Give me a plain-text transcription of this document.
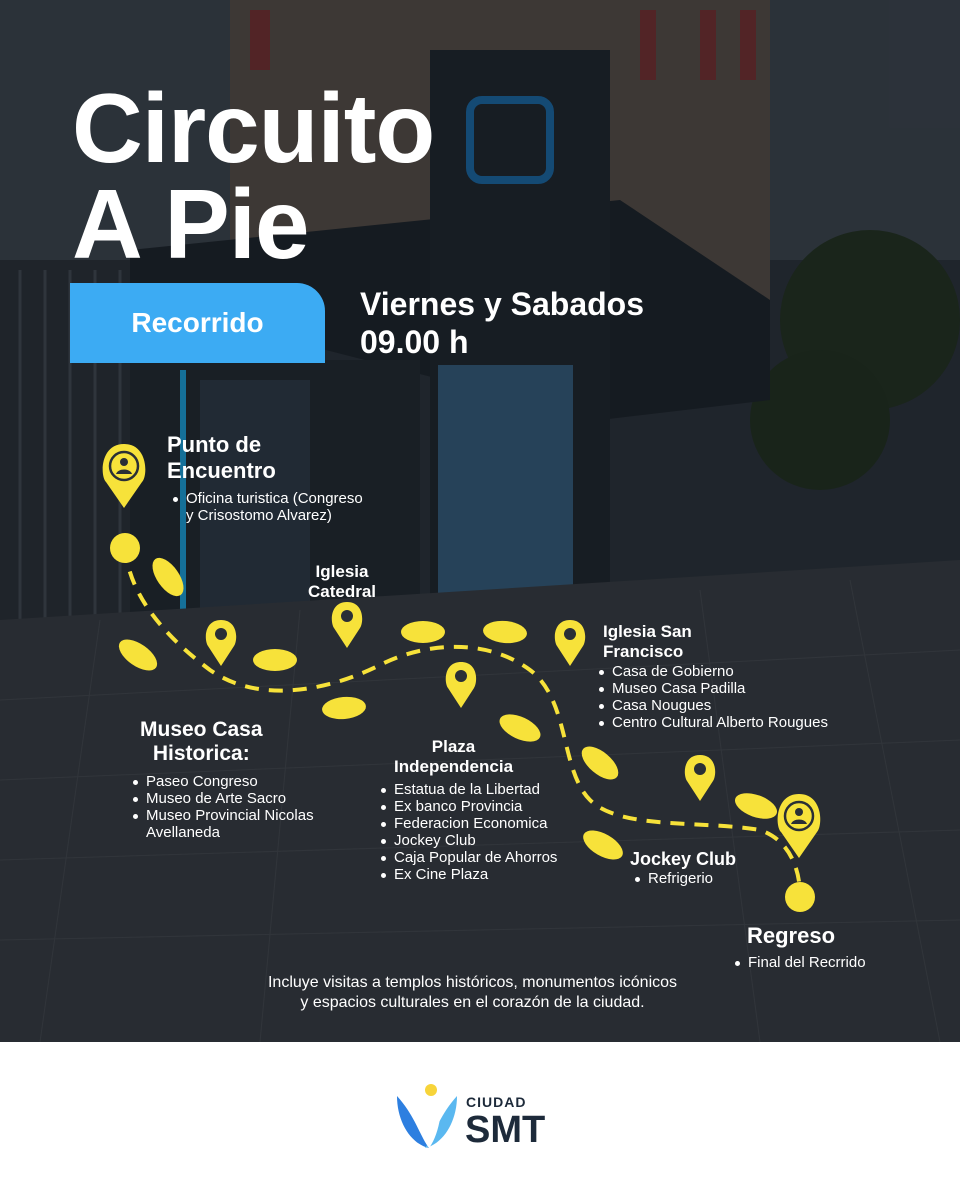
Circuito
A Pie
Recorrido
Viernes y Sabados
09.00 h
Punto de
Encuentro
Oficina turistica (Congreso
y Crisostomo Alvarez)
Iglesia
Catedral
Museo Casa
Historica:
Paseo Congreso
Museo de Arte Sacro
Museo Provincial Nicolas
Avellaneda
Plaza
Independencia
Estatua de la Libertad
Ex banco Provincia
Federacion Economica
Jockey Club
Caja Popular de Ahorros
Ex Cine Plaza
Iglesia San
Francisco
Casa de Gobierno
Museo Casa Padilla
Casa Nougues
Centro Cultural Alberto Rougues
Jockey Club
Refrigerio
Regreso
Final del Recrrido
Incluye visitas a templos históricos, monumentos icónicos
y espacios culturales en el corazón de la ciudad.
CIUDAD
SMT
